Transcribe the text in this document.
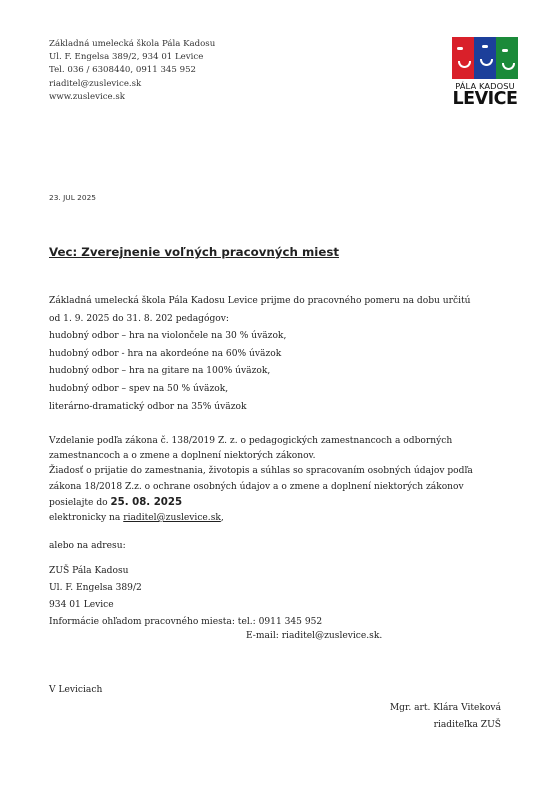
Základná umelecká škola Pála Kadosu
Ul. F. Engelsa 389/2, 934 01 Levice
Tel. 036 / 6308440, 0911 345 952
riaditel@zuslevice.sk
www.zuslevice.sk
PÁLA KADOSU
LEVICE
23. JUL 2025
Vec: Zverejnenie voľných pracovných miest
Základná umelecká škola Pála Kadosu Levice prijme do pracovného pomeru na dobu určitú
od 1. 9. 2025 do 31. 8. 202 pedagógov:
hudobný odbor – hra na violončele na 30 % úväzok,
hudobný odbor - hra na akordeóne na 60% úväzok
hudobný odbor – hra na gitare na 100% úväzok,
hudobný odbor – spev na 50 % úväzok,
literárno-dramatický odbor na 35% úväzok
Vzdelanie podľa zákona č. 138/2019 Z. z. o pedagogických zamestnancoch a odborných
zamestnancoch a o zmene a doplnení niektorých zákonov.
Žiadosť o prijatie do zamestnania, životopis a súhlas so spracovaním osobných údajov podľa
zákona 18/2018 Z.z. o ochrane osobných údajov a o zmene a doplnení niektorých zákonov
posielajte do 25. 08. 2025
elektronicky na riaditel@zuslevice.sk,
alebo na adresu:
ZUŠ Pála Kadosu
Ul. F. Engelsa 389/2
934 01 Levice
Informácie ohľadom pracovného miesta: tel.: 0911 345 952
E-mail: riaditel@zuslevice.sk.
V Leviciach
Mgr. art. Klára Viteková
riaditeľka ZUŠ
